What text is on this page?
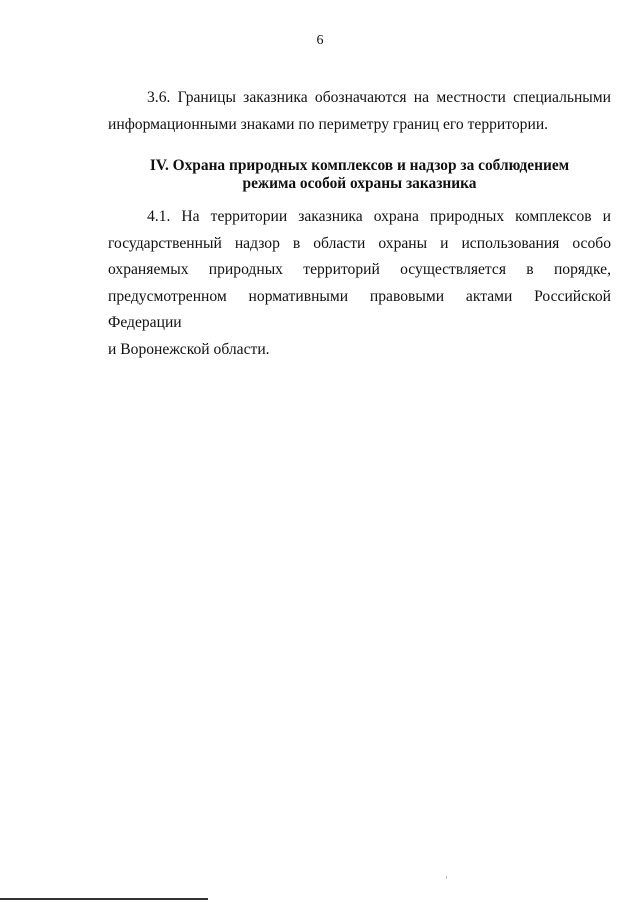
6
3.6. Границы заказника обозначаются на местности специальными
информационными знаками по периметру границ его территории.
IV. Охрана природных комплексов и надзор за соблюдением
режима особой охраны заказника
4.1. На территории заказника охрана природных комплексов и
государственный надзор в области охраны и использования особо
охраняемых природных территорий осуществляется в порядке,
предусмотренном нормативными правовыми актами Российской Федерации
и Воронежской области.
